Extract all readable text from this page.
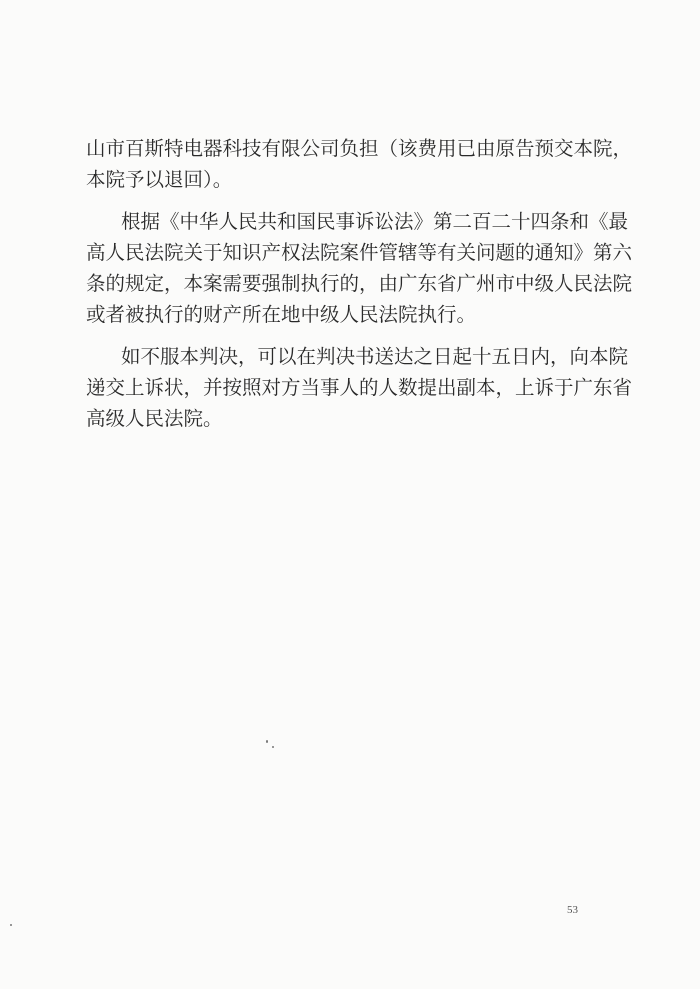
山市百斯特电器科技有限公司负担（该费用已由原告预交本院，
本院予以退回）。
根据《中华人民共和国民事诉讼法》第二百二十四条和《最
高人民法院关于知识产权法院案件管辖等有关问题的通知》第六
条的规定，本案需要强制执行的，由广东省广州市中级人民法院
或者被执行的财产所在地中级人民法院执行。
如不服本判决，可以在判决书送达之日起十五日内，向本院
递交上诉状，并按照对方当事人的人数提出副本，上诉于广东省
高级人民法院。
53
